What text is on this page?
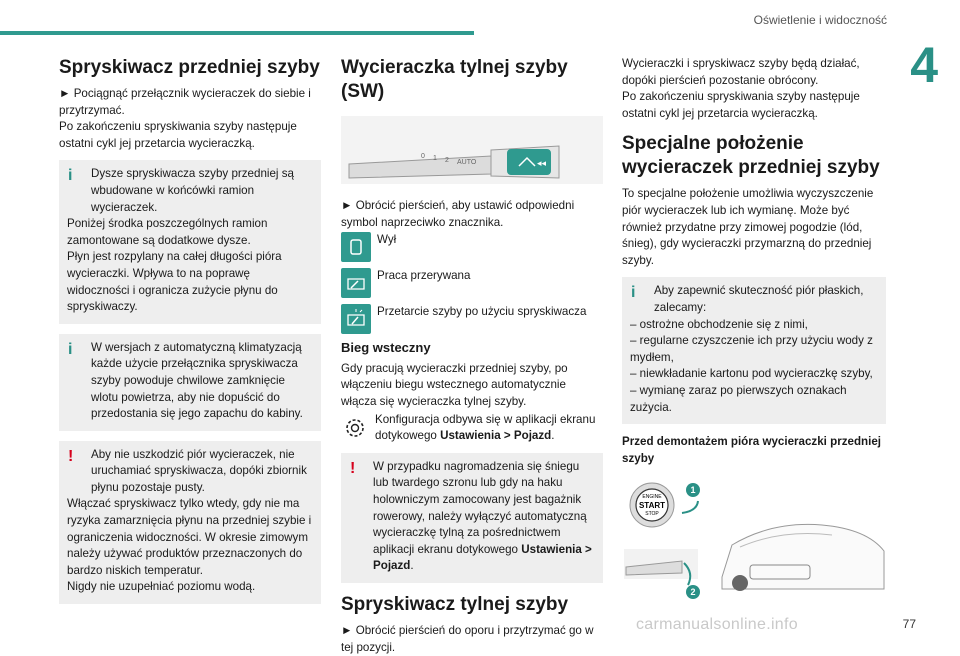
Oświetlenie i widoczność
4
77
carmanualsonline.info
Spryskiwacz przedniej szyby

► Pociągnąć przełącznik wycieraczek do siebie i przytrzymać.

Po zakończeniu spryskiwania szyby następuje ostatni cykl jej przetarcia wycieraczką.

i	Dysze spryskiwacza szyby przedniej są wbudowane w końcówki ramion wycieraczek.

Poniżej środka poszczególnych ramion zamontowane są dodatkowe dysze.

Płyn jest rozpylany na całej długości pióra wycieraczki. Wpływa to na poprawę widoczności i ogranicza zużycie płynu do spryskiwaczy.

i	W wersjach z automatyczną klimatyzacją każde użycie przełącznika spryskiwacza szyby powoduje chwilowe zamknięcie wlotu powietrza, aby nie dopuścić do przedostania się jego zapachu do kabiny.

!	Aby nie uszkodzić piór wycieraczek, nie uruchamiać spryskiwacza, dopóki zbiornik płynu pozostaje pusty.

Włączać spryskiwacz tylko wtedy, gdy nie ma ryzyka zamarznięcia płynu na przedniej szybie i ograniczenia widoczności. W okresie zimowym należy używać produktów przeznaczonych do bardzo niskich temperatur.

Nigdy nie uzupełniać poziomu wodą.

Wycieraczka tylnej szyby (SW)
◂◂
0 1 2 AUTO

► Obrócić pierścień, aby ustawić odpowiedni symbol naprzeciwko znacznika.

Wył
Praca przerywana
Przetarcie szyby po użyciu spryskiwacza
Bieg wsteczny

Gdy pracują wycieraczki przedniej szyby, po włączeniu biegu wstecznego automatycznie włącza się wycieraczka tylnej szyby.

Konfiguracja odbywa się w aplikacji ekranu dotykowego Ustawienia > Pojazd.
!	W przypadku nagromadzenia się śniegu lub twardego szronu lub gdy na haku holowniczym zamocowany jest bagażnik rowerowy, należy wyłączyć automatyczną wycieraczkę tylną za pośrednictwem aplikacji ekranu dotykowego Ustawienia > Pojazd.

Spryskiwacz tylnej szyby

► Obrócić pierścień do oporu i przytrzymać go w tej pozycji.

Wycieraczki i spryskiwacz szyby będą działać, dopóki pierścień pozostanie obrócony.

Po zakończeniu spryskiwania szyby następuje ostatni cykl jej przetarcia wycieraczką.

Specjalne położenie wycieraczek przedniej szyby

To specjalne położenie umożliwia wyczyszczenie piór wycieraczek lub ich wymianę. Może być również przydatne przy zimowej pogodzie (lód, śnieg), gdy wycieraczki przymarzną do przedniej szyby.

i	Aby zapewnić skuteczność piór płaskich, zalecamy:

– ostrożne obchodzenie się z nimi,
– regularne czyszczenie ich przy użyciu wody z mydłem,
– niewkładanie kartonu pod wycieraczkę szyby,
– wymianę zaraz po pierwszych oznakach zużycia.
Przed demontażem pióra wycieraczki przedniej szyby
ENGINE
START
STOP
1
2
